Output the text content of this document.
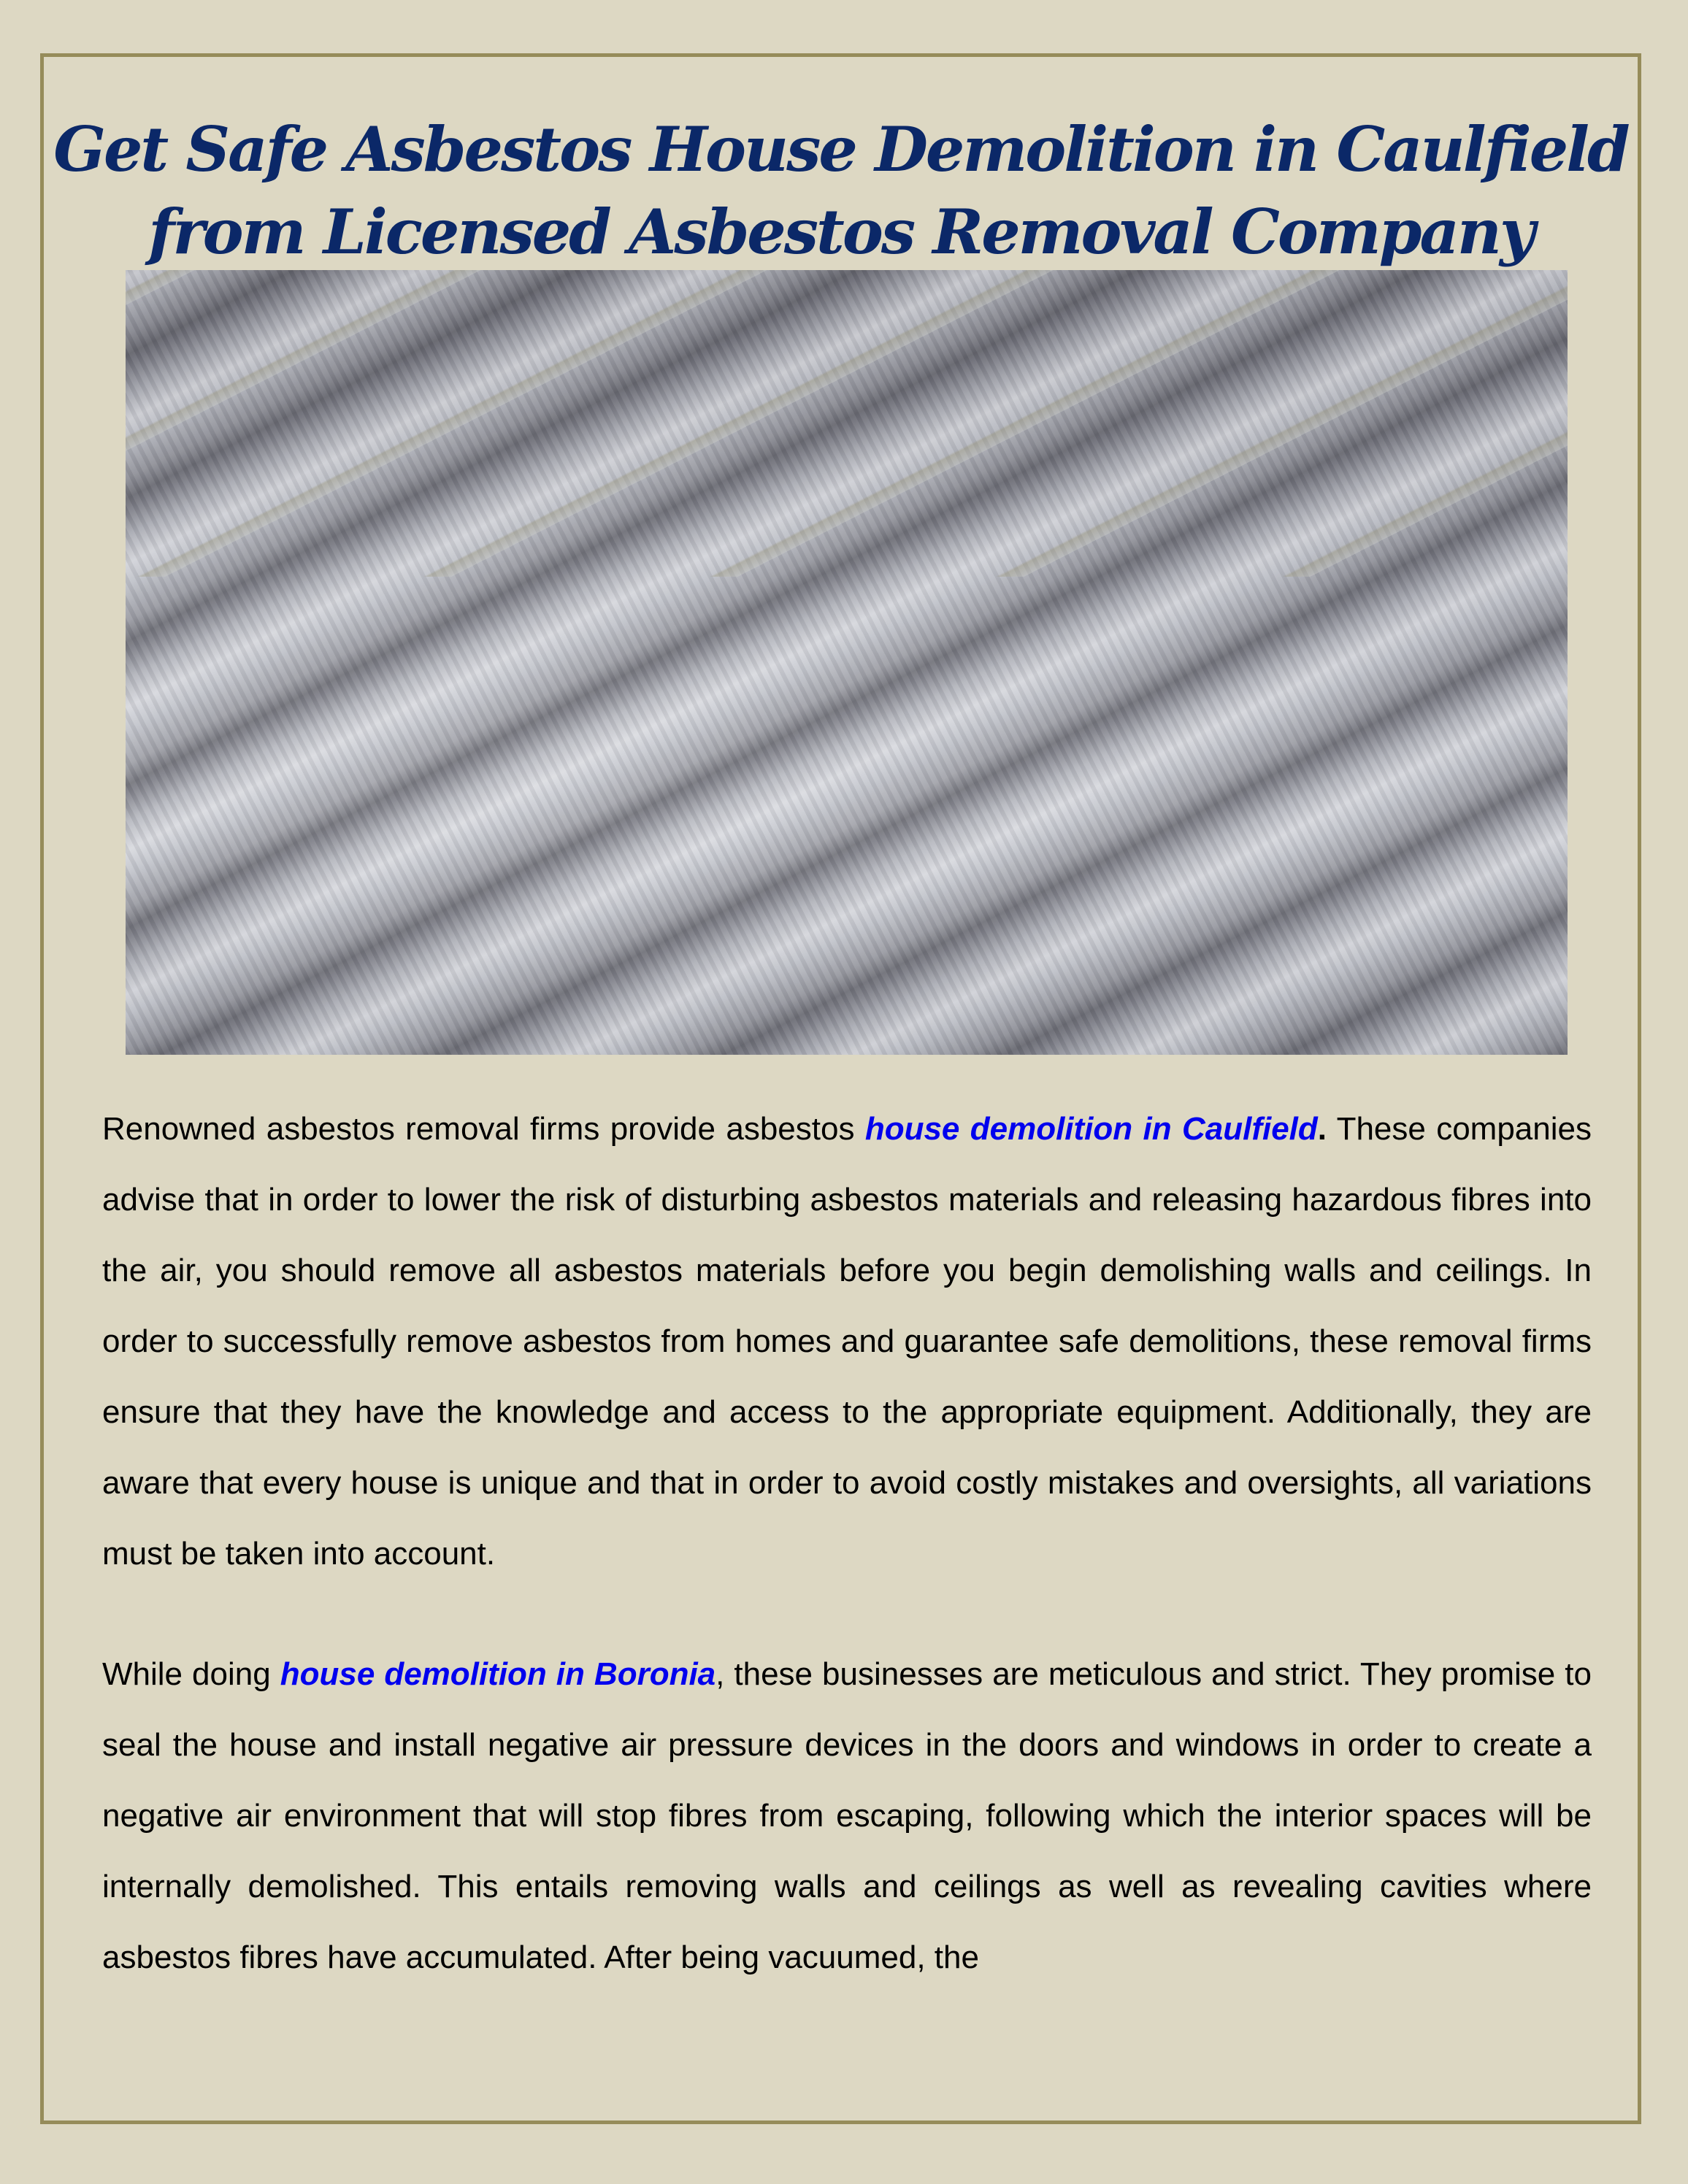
Get Safe Asbestos House Demolition in Caulfield
from Licensed Asbestos Removal Company

Renowned asbestos removal firms provide asbestos house demolition in Caulfield. These companies advise that in order to lower the risk of disturbing asbestos materials and releasing hazardous fibres into the air, you should remove all asbestos materials before you begin demolishing walls and ceilings. In order to successfully remove asbestos from homes and guarantee safe demolitions, these removal firms ensure that they have the knowledge and access to the appropriate equipment. Additionally, they are aware that every house is unique and that in order to avoid costly mistakes and oversights, all variations must be taken into account.

While doing house demolition in Boronia, these businesses are meticulous and strict. They promise to seal the house and install negative air pressure devices in the doors and windows in order to create a negative air environment that will stop fibres from escaping, following which the interior spaces will be internally demolished. This entails removing walls and ceilings as well as revealing cavities where asbestos fibres have accumulated. After being vacuumed, the
